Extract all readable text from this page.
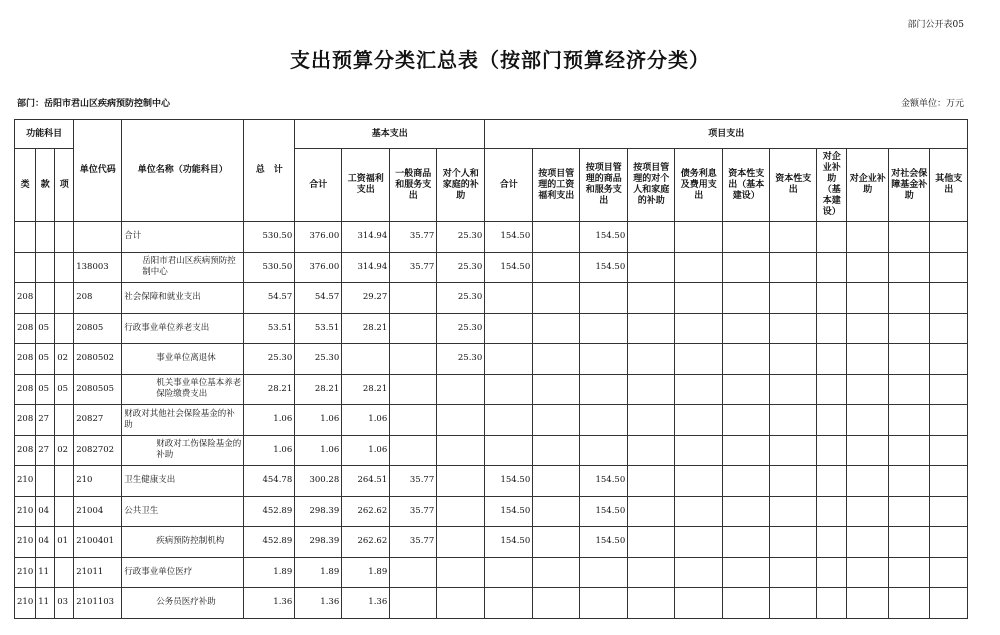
部门公开表05
支出预算分类汇总表（按部门预算经济分类）
部门：岳阳市君山区疾病预防控制中心	金额单位：万元
功能科目			单位代码	单位名称（功能科目）	总　计	基本支出				项目支出										
类	款	项				合计	工资福利支出	一般商品和服务支出	对个人和家庭的补助	合计	按项目管理的工资福利支出	按项目管理的商品和服务支出	按项目管理的对个人和家庭的补助	债务利息及费用支出	资本性支出（基本建设）	资本性支出	对企业补助（基本建设）	对企业补助	对社会保障基金补助	其他支出
				合计	530.50	376.00	314.94	35.77	25.30	154.50		154.50								
			138003	岳阳市君山区疾病预防控制中心	530.50	376.00	314.94	35.77	25.30	154.50		154.50								
208			208	社会保障和就业支出	54.57	54.57	29.27		25.30											
208	05		20805	行政事业单位养老支出	53.51	53.51	28.21		25.30											
208	05	02	2080502	事业单位离退休	25.30	25.30			25.30											
208	05	05	2080505	机关事业单位基本养老保险缴费支出	28.21	28.21	28.21													
208	27		20827	财政对其他社会保险基金的补助	1.06	1.06	1.06													
208	27	02	2082702	财政对工伤保险基金的补助	1.06	1.06	1.06													
210			210	卫生健康支出	454.78	300.28	264.51	35.77		154.50		154.50								
210	04		21004	公共卫生	452.89	298.39	262.62	35.77		154.50		154.50								
210	04	01	2100401	疾病预防控制机构	452.89	298.39	262.62	35.77		154.50		154.50								
210	11		21011	行政事业单位医疗	1.89	1.89	1.89													
210	11	03	2101103	公务员医疗补助	1.36	1.36	1.36													
